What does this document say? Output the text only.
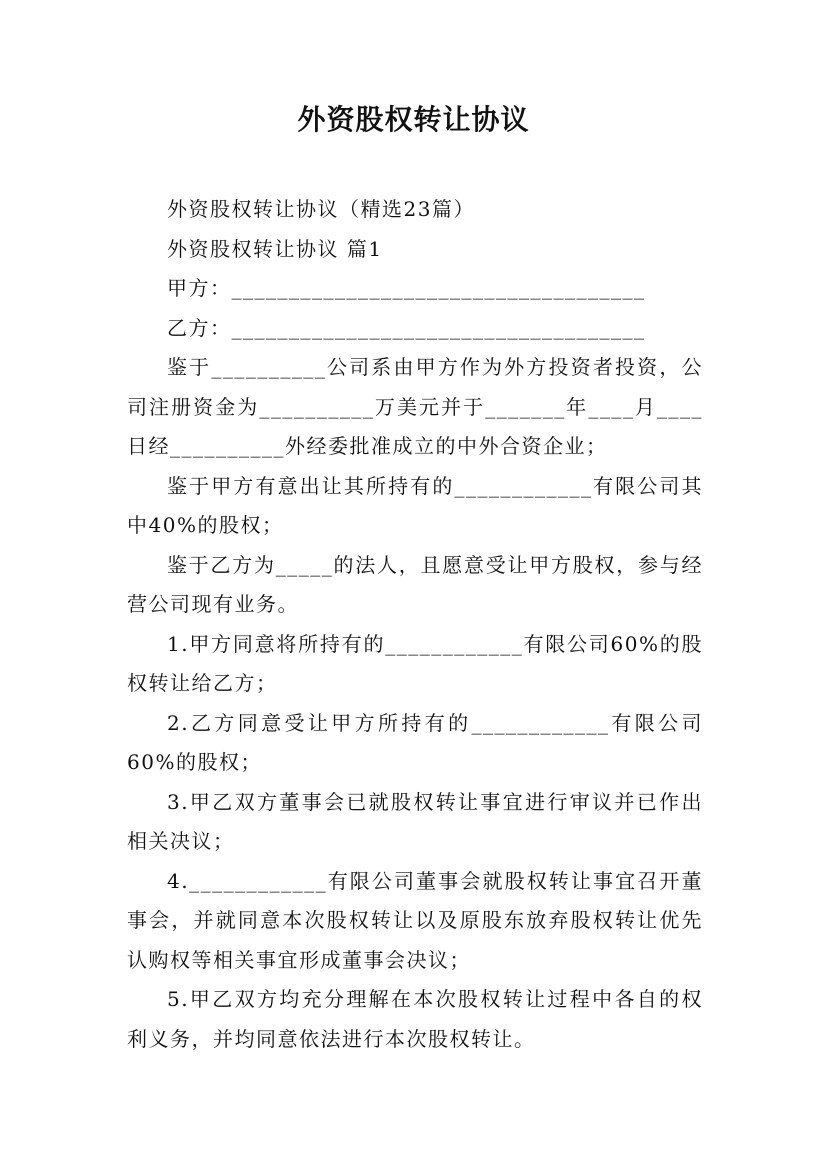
外资股权转让协议

外资股权转让协议（精选23篇）

外资股权转让协议 篇1

甲方：____________________________________

乙方：____________________________________

鉴于__________公司系由甲方作为外方投资者投资，公司注册资金为__________万美元并于_______年____月____日经__________外经委批准成立的中外合资企业；

鉴于甲方有意出让其所持有的____________有限公司其中40%的股权；

鉴于乙方为_____的法人，且愿意受让甲方股权，参与经营公司现有业务。

1.甲方同意将所持有的____________有限公司60%的股权转让给乙方；

2.乙方同意受让甲方所持有的____________有限公司60%的股权；

3.甲乙双方董事会已就股权转让事宜进行审议并已作出相关决议；

4.____________有限公司董事会就股权转让事宜召开董事会，并就同意本次股权转让以及原股东放弃股权转让优先认购权等相关事宜形成董事会决议；

5.甲乙双方均充分理解在本次股权转让过程中各自的权利义务，并均同意依法进行本次股权转让。
